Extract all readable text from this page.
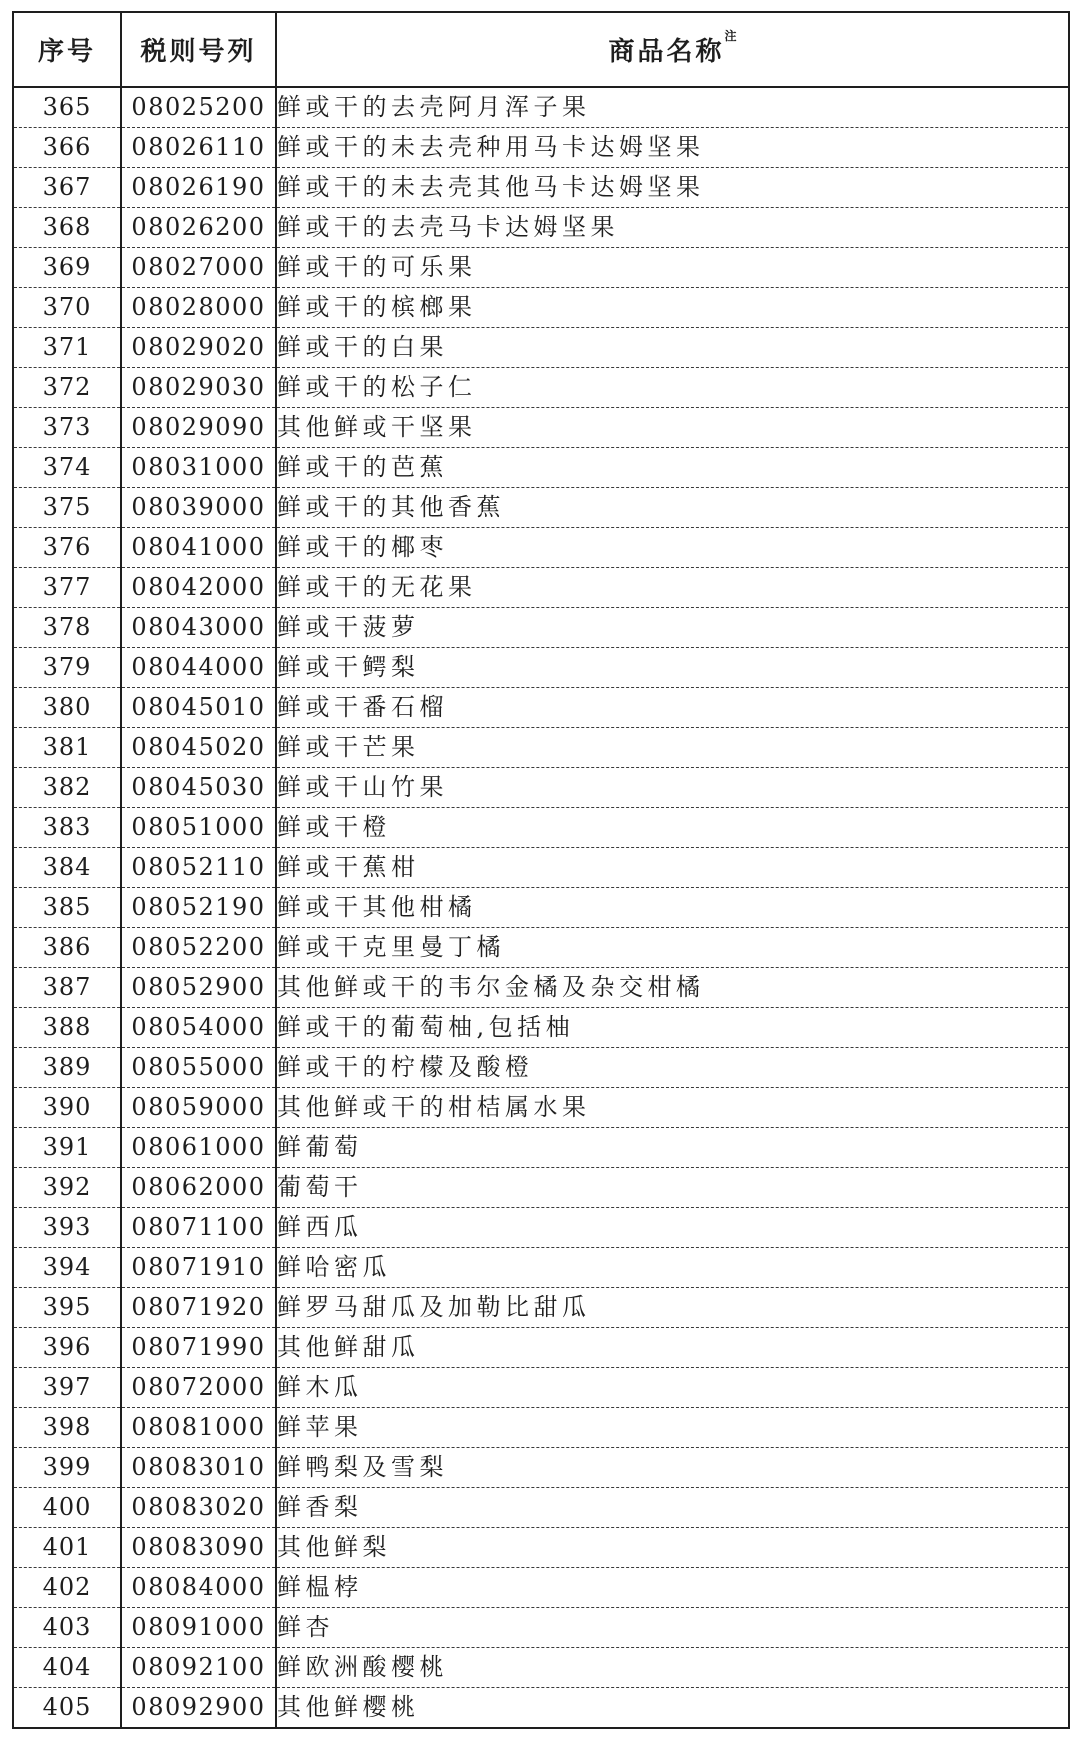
序号	税则号列	商品名称$^注$
365	08025200	鲜或干的去壳阿月浑子果
366	08026110	鲜或干的未去壳种用马卡达姆坚果
367	08026190	鲜或干的未去壳其他马卡达姆坚果
368	08026200	鲜或干的去壳马卡达姆坚果
369	08027000	鲜或干的可乐果
370	08028000	鲜或干的槟榔果
371	08029020	鲜或干的白果
372	08029030	鲜或干的松子仁
373	08029090	其他鲜或干坚果
374	08031000	鲜或干的芭蕉
375	08039000	鲜或干的其他香蕉
376	08041000	鲜或干的椰枣
377	08042000	鲜或干的无花果
378	08043000	鲜或干菠萝
379	08044000	鲜或干鳄梨
380	08045010	鲜或干番石榴
381	08045020	鲜或干芒果
382	08045030	鲜或干山竹果
383	08051000	鲜或干橙
384	08052110	鲜或干蕉柑
385	08052190	鲜或干其他柑橘
386	08052200	鲜或干克里曼丁橘
387	08052900	其他鲜或干的韦尔金橘及杂交柑橘
388	08054000	鲜或干的葡萄柚,包括柚
389	08055000	鲜或干的柠檬及酸橙
390	08059000	其他鲜或干的柑桔属水果
391	08061000	鲜葡萄
392	08062000	葡萄干
393	08071100	鲜西瓜
394	08071910	鲜哈密瓜
395	08071920	鲜罗马甜瓜及加勒比甜瓜
396	08071990	其他鲜甜瓜
397	08072000	鲜木瓜
398	08081000	鲜苹果
399	08083010	鲜鸭梨及雪梨
400	08083020	鲜香梨
401	08083090	其他鲜梨
402	08084000	鲜榅桲
403	08091000	鲜杏
404	08092100	鲜欧洲酸樱桃
405	08092900	其他鲜樱桃
